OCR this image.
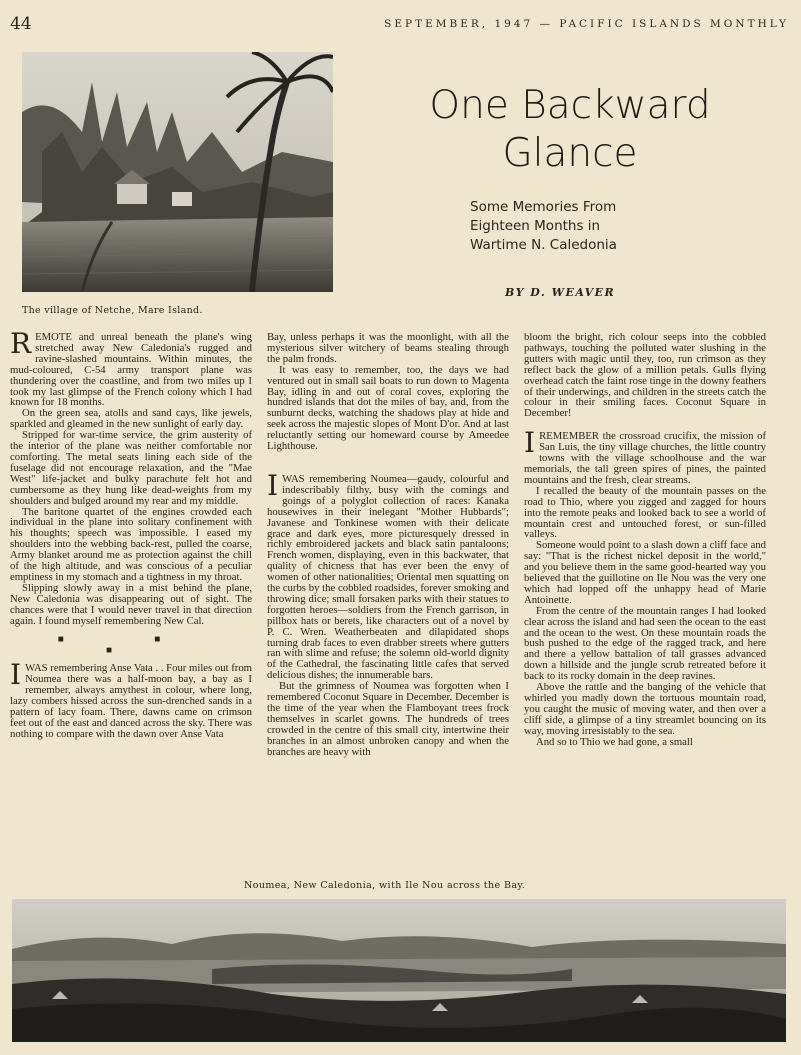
44	SEPTEMBER, 1947 — PACIFIC ISLANDS MONTHLY
The village of Netche, Mare Island.
One Backward
Glance
Some Memories From
Eighteen Months in
Wartime N. Caledonia
BY D. WEAVER

REMOTE and unreal beneath the plane's wing stretched away New Caledonia's rugged and ravine-slashed mountains. Within minutes, the mud-coloured, C-54 army transport plane was thundering over the coastline, and from two miles up I took my last glimpse of the French colony which I had known for 18 months.

On the green sea, atolls and sand cays, like jewels, sparkled and gleamed in the new sunlight of early day.

Stripped for war-time service, the grim austerity of the interior of the plane was neither comfortable nor comforting. The metal seats lining each side of the fuselage did not encourage relaxation, and the "Mae West" life-jacket and bulky parachute felt hot and cumbersome as they hung like dead-weights from my shoulders and bulged around my rear and my middle.

The baritone quartet of the engines crowded each individual in the plane into solitary confinement with his thoughts; speech was impossible. I eased my shoulders into the webbing back-rest, pulled the coarse, Army blanket around me as protection against the chill of the high altitude, and was conscious of a peculiar emptiness in my stomach and a tightness in my throat.

Slipping slowly away in a mist behind the plane, New Caledonia was disappearing out of sight. The chances were that I would never travel in that direction again. I found myself remembering New Cal.

■ ■ ■

IWAS remembering Anse Vata . . Four miles out from Noumea there was a half-moon bay, a bay as I remember, always amythest in colour, where long, lazy combers hissed across the sun-drenched sands in a pattern of lacy foam. There, dawns came on crimson feet out of the east and danced across the sky. There was nothing to compare with the dawn over Anse Vata

Bay, unless perhaps it was the moonlight, with all the mysterious silver witchery of beams stealing through the palm fronds.

It was easy to remember, too, the days we had ventured out in small sail boats to run down to Magenta Bay, idling in and out of coral coves, exploring the hundred islands that dot the miles of bay, and, from the sunburnt decks, watching the shadows play at hide and seek across the majestic slopes of Mont D'or. And at last reluctantly setting our homeward course by Ameedee Lighthouse.

IWAS remembering Noumea—gaudy, colourful and indescribably filthy, busy with the comings and goings of a polyglot collection of races: Kanaka housewives in their inelegant "Mother Hubbards"; Javanese and Tonkinese women with their delicate grace and dark eyes, more picturesquely dressed in richly embroidered jackets and black satin pantaloons; French women, displaying, even in this backwater, that quality of chicness that has ever been the envy of women of other nationalities; Oriental men squatting on the curbs by the cobbled roadsides, forever smoking and throwing dice; small forsaken parks with their statues to forgotten heroes—soldiers from the French garrison, in pillbox hats or berets, like characters out of a novel by P. C. Wren. Weatherbeaten and dilapidated shops turning drab faces to even drabber streets where gutters ran with slime and refuse; the solemn old-world dignity of the Cathedral, the fascinating little cafes that served delicious dishes; the innumerable bars.

But the grimness of Noumea was forgotten when I remembered Coconut Square in December. December is the time of the year when the Flamboyant trees frock themselves in scarlet gowns. The hundreds of trees crowded in the centre of this small city, intertwine their branches in an almost unbroken canopy and when the branches are heavy with

bloom the bright, rich colour seeps into the cobbled pathways, touching the polluted water slushing in the gutters with magic until they, too, run crimson as they reflect back the glow of a million petals. Gulls flying overhead catch the faint rose tinge in the downy feathers of their underwings, and children in the streets catch the colour in their smiling faces. Coconut Square in December!

IREMEMBER the crossroad crucifix, the mission of San Luis, the tiny village churches, the little country towns with the village schoolhouse and the war memorials, the tall green spires of pines, the painted mountains and the fresh, clear streams.

I recalled the beauty of the mountain passes on the road to Thio, where you zigged and zagged for hours into the remote peaks and looked back to see a world of mountain crest and untouched forest, or sun-filled valleys.

Someone would point to a slash down a cliff face and say: "That is the richest nickel deposit in the world," and you believe them in the same good-hearted way you believed that the guillotine on Ile Nou was the very one which had lopped off the unhappy head of Marie Antoinette.

From the centre of the mountain ranges I had looked clear across the island and had seen the ocean to the east and the ocean to the west. On these mountain roads the bush pushed to the edge of the ragged track, and here and there a yellow battalion of tall grasses advanced down a hillside and the jungle scrub retreated before it back to its rocky domain in the deep ravines.

Above the rattle and the banging of the vehicle that whirled you madly down the tortuous mountain road, you caught the music of moving water, and then over a cliff side, a glimpse of a tiny streamlet bouncing on its way, moving irresistably to the sea.

And so to Thio we had gone, a small

Noumea, New Caledonia, with Ile Nou across the Bay.
